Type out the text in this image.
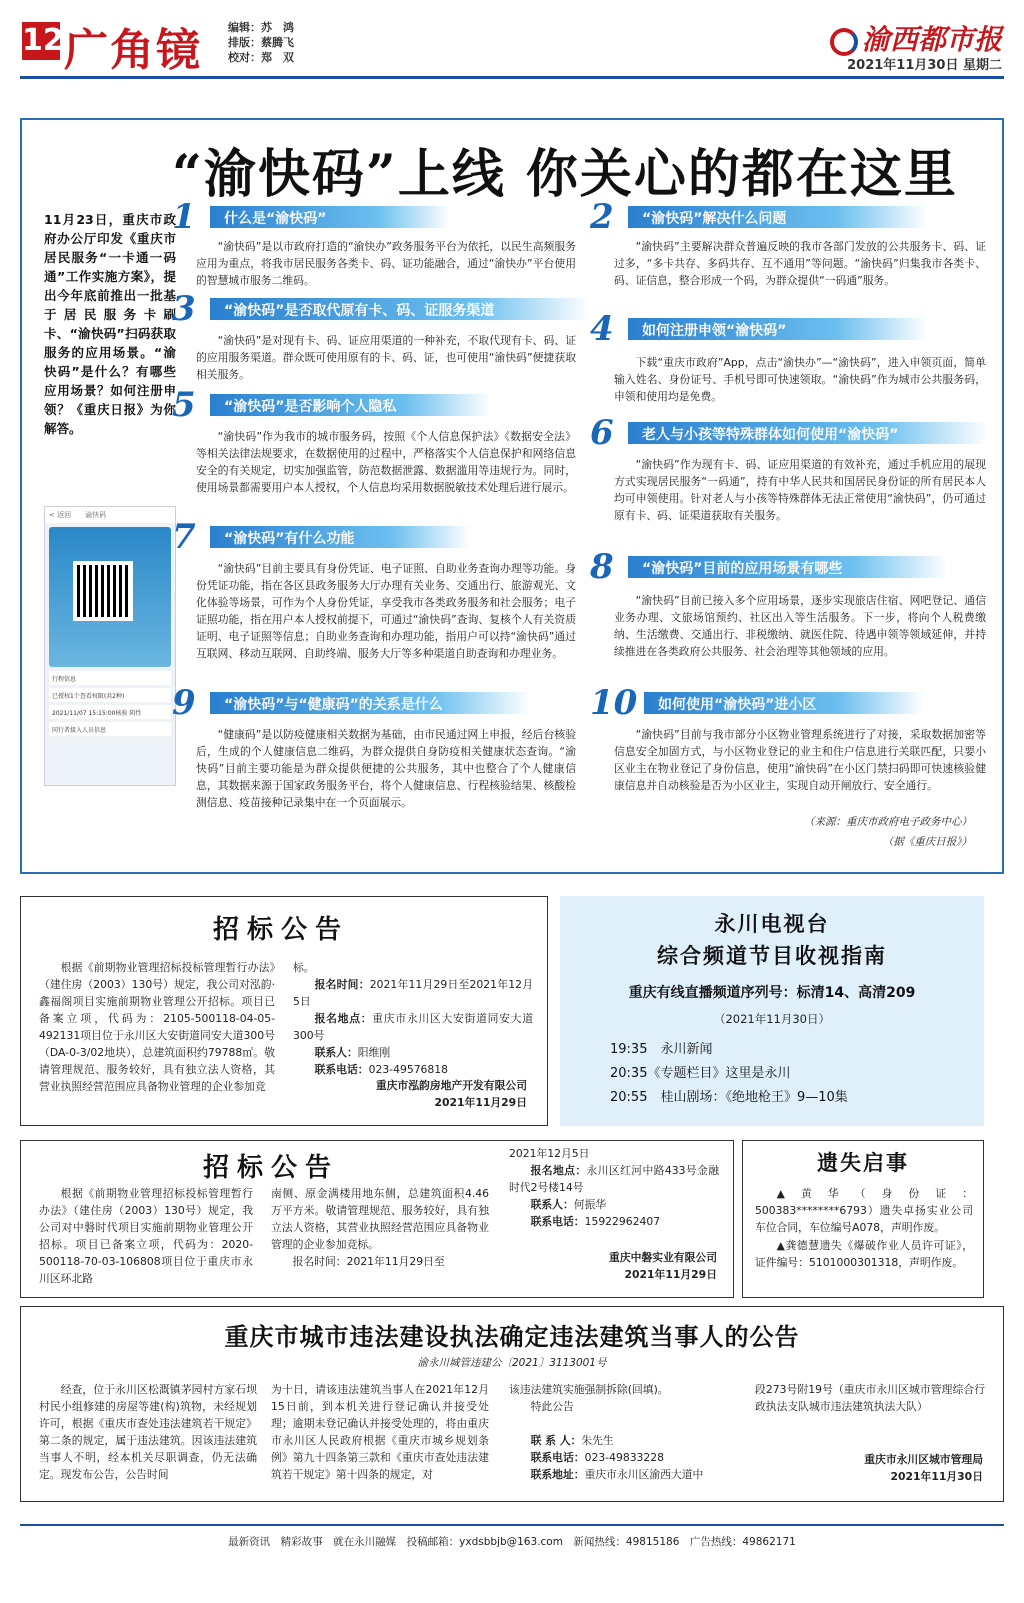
12 广角镜 编辑：苏　鸿
排版：蔡腾飞
校对：郑　双
渝西都市报
2021年11月30日 星期二
“渝快码”上线 你关心的都在这里
11月23日，重庆市政府办公厅印发《重庆市居民服务“一卡通一码通”工作实施方案》，提出今年底前推出一批基于居民服务卡刷卡、“渝快码”扫码获取服务的应用场景。“渝快码”是什么？有哪些应用场景？如何注册申领？《重庆日报》为你解答。
< 返回　　 渝快码
行程信息
已授权1个查看权限(共2种)
2021/11/07 15:15:00核验 阴性
同行者接入人员信息
1	什么是“渝快码”
“渝快码”是以市政府打造的“渝快办”政务服务平台为依托，以民生高频服务应用为重点，将我市居民服务各类卡、码、证功能融合，通过“渝快办”平台使用的智慧城市服务二维码。
3	“渝快码”是否取代原有卡、码、证服务渠道
“渝快码”是对现有卡、码、证应用渠道的一种补充，不取代现有卡、码、证的应用服务渠道。群众既可使用原有的卡、码、证，也可使用“渝快码”便捷获取相关服务。
5	“渝快码”是否影响个人隐私
“渝快码”作为我市的城市服务码，按照《个人信息保护法》《数据安全法》等相关法律法规要求，在数据使用的过程中，严格落实个人信息保护和网络信息安全的有关规定，切实加强监管，防范数据泄露、数据滥用等违规行为。同时，使用场景都需要用户本人授权，个人信息均采用数据脱敏技术处理后进行展示。
7	“渝快码”有什么功能
“渝快码”目前主要具有身份凭证、电子证照、自助业务查询办理等功能。身份凭证功能，指在各区县政务服务大厅办理有关业务、交通出行、旅游观光、文化体验等场景，可作为个人身份凭证，享受我市各类政务服务和社会服务；电子证照功能，指在用户本人授权前提下，可通过“渝快码”查询、复核个人有关资质证明、电子证照等信息；自助业务查询和办理功能，指用户可以持“渝快码”通过互联网、移动互联网、自助终端、服务大厅等多种渠道自助查询和办理业务。
9	“渝快码”与“健康码”的关系是什么
“健康码”是以防疫健康相关数据为基础，由市民通过网上申报，经后台核验后，生成的个人健康信息二维码，为群众提供自身防疫相关健康状态查询。“渝快码”目前主要功能是为群众提供便捷的公共服务，其中也整合了个人健康信息，其数据来源于国家政务服务平台，将个人健康信息、行程核验结果、核酸检测信息、疫苗接种记录集中在一个页面展示。
2	“渝快码”解决什么问题
“渝快码”主要解决群众普遍反映的我市各部门发放的公共服务卡、码、证过多，“多卡共存、多码共存、互不通用”等问题。“渝快码”归集我市各类卡、码、证信息，整合形成一个码，为群众提供“一码通”服务。
4	如何注册申领“渝快码”
下载“重庆市政府”App，点击“渝快办”—“渝快码”，进入申领页面，简单输入姓名、身份证号、手机号即可快速领取。“渝快码”作为城市公共服务码，申领和使用均是免费。
6	老人与小孩等特殊群体如何使用“渝快码”
“渝快码”作为现有卡、码、证应用渠道的有效补充，通过手机应用的展现方式实现居民服务“一码通”，持有中华人民共和国居民身份证的所有居民本人均可申领使用。针对老人与小孩等特殊群体无法正常使用“渝快码”，仍可通过原有卡、码、证渠道获取有关服务。
8	“渝快码”目前的应用场景有哪些
“渝快码”目前已接入多个应用场景，逐步实现旅店住宿、网吧登记、通信业务办理、文旅场馆预约、社区出入等生活服务。下一步，将向个人税费缴纳、生活缴费、交通出行、非税缴纳、就医住院、待遇申领等领域延伸，并持续推进在各类政府公共服务、社会治理等其他领域的应用。
10	如何使用“渝快码”进小区
“渝快码”目前与我市部分小区物业管理系统进行了对接，采取数据加密等信息安全加固方式，与小区物业登记的业主和住户信息进行关联匹配，只要小区业主在物业登记了身份信息，使用“渝快码”在小区门禁扫码即可快速核验健康信息并自动核验是否为小区业主，实现自动开闸放行、安全通行。
（来源：重庆市政府电子政务中心）
（据《重庆日报》）
招标公告
根据《前期物业管理招标投标管理暂行办法》（建住房（2003）130号）规定，我公司对泓韵·鑫福阁项目实施前期物业管理公开招标。项目已备案立项，代码为：2105-500118-04-05-492131项目位于永川区大安街道同安大道300号（DA-0-3/02地块），总建筑面积约79788㎡。敬请管理规范、服务较好，具有独立法人资格，其营业执照经营范围应具备物业管理的企业参加竞
标。
报名时间：2021年11月29日至2021年12月5日
报名地点：重庆市永川区大安街道同安大道300号
联系人：阳维刚
联系电话：023-49576818
重庆市泓韵房地产开发有限公司
2021年11月29日
永川电视台
综合频道节目收视指南
重庆有线直播频道序列号：标清14、高清209
（2021年11月30日）
19:35　永川新闻
20:35《专题栏目》这里是永川
20:55　桂山剧场：《绝地枪王》9—10集
招标公告
根据《前期物业管理招标投标管理暂行办法》（建住房（2003）130号）规定，我公司对中磐时代项目实施前期物业管理公开招标。项目已备案立项，代码为：2020-500118-70-03-106808项目位于重庆市永川区环北路
南侧、原金满楼用地东侧，总建筑面积4.46万平方米。敬请管理规范、服务较好，具有独立法人资格，其营业执照经营范围应具备物业管理的企业参加竞标。
报名时间：2021年11月29日至
2021年12月5日
报名地点：永川区红河中路433号金融时代2号楼14号
联系人：何振华
联系电话：15922962407
重庆中磐实业有限公司
2021年11月29日
遗失启事
▲黄华（身份证：500383********6793）遗失卓扬实业公司车位合同，车位编号A078，声明作废。
▲龚德慧遗失《爆破作业人员许可证》，证件编号：5101000301318，声明作废。
重庆市城市违法建设执法确定违法建筑当事人的公告
渝永川城管违建公〔2021〕3113001号
经查，位于永川区松溉镇茅园村方家石坝村民小组修建的房屋等建(构)筑物，未经规划许可，根据《重庆市查处违法建筑若干规定》第二条的规定，属于违法建筑。因该违法建筑当事人不明，经本机关尽职调查，仍无法确定。现发布公告，公告时间
为十日，请该违法建筑当事人在2021年12月15日前，到本机关进行登记确认并接受处理；逾期未登记确认并接受处理的，将由重庆市永川区人民政府根据《重庆市城乡规划条例》第九十四条第三款和《重庆市查处违法建筑若干规定》第十四条的规定，对
该违法建筑实施强制拆除(回填)。
特此公告
联 系 人：朱先生
联系电话：023-49833228
联系地址：重庆市永川区渝西大道中
段273号附19号（重庆市永川区城市管理综合行政执法支队城市违法建筑执法大队）
重庆市永川区城市管理局
2021年11月30日
最新资讯　精彩故事　就在永川融媒　投稿邮箱：yxdsbbjb@163.com　新闻热线：49815186　广告热线：49862171
